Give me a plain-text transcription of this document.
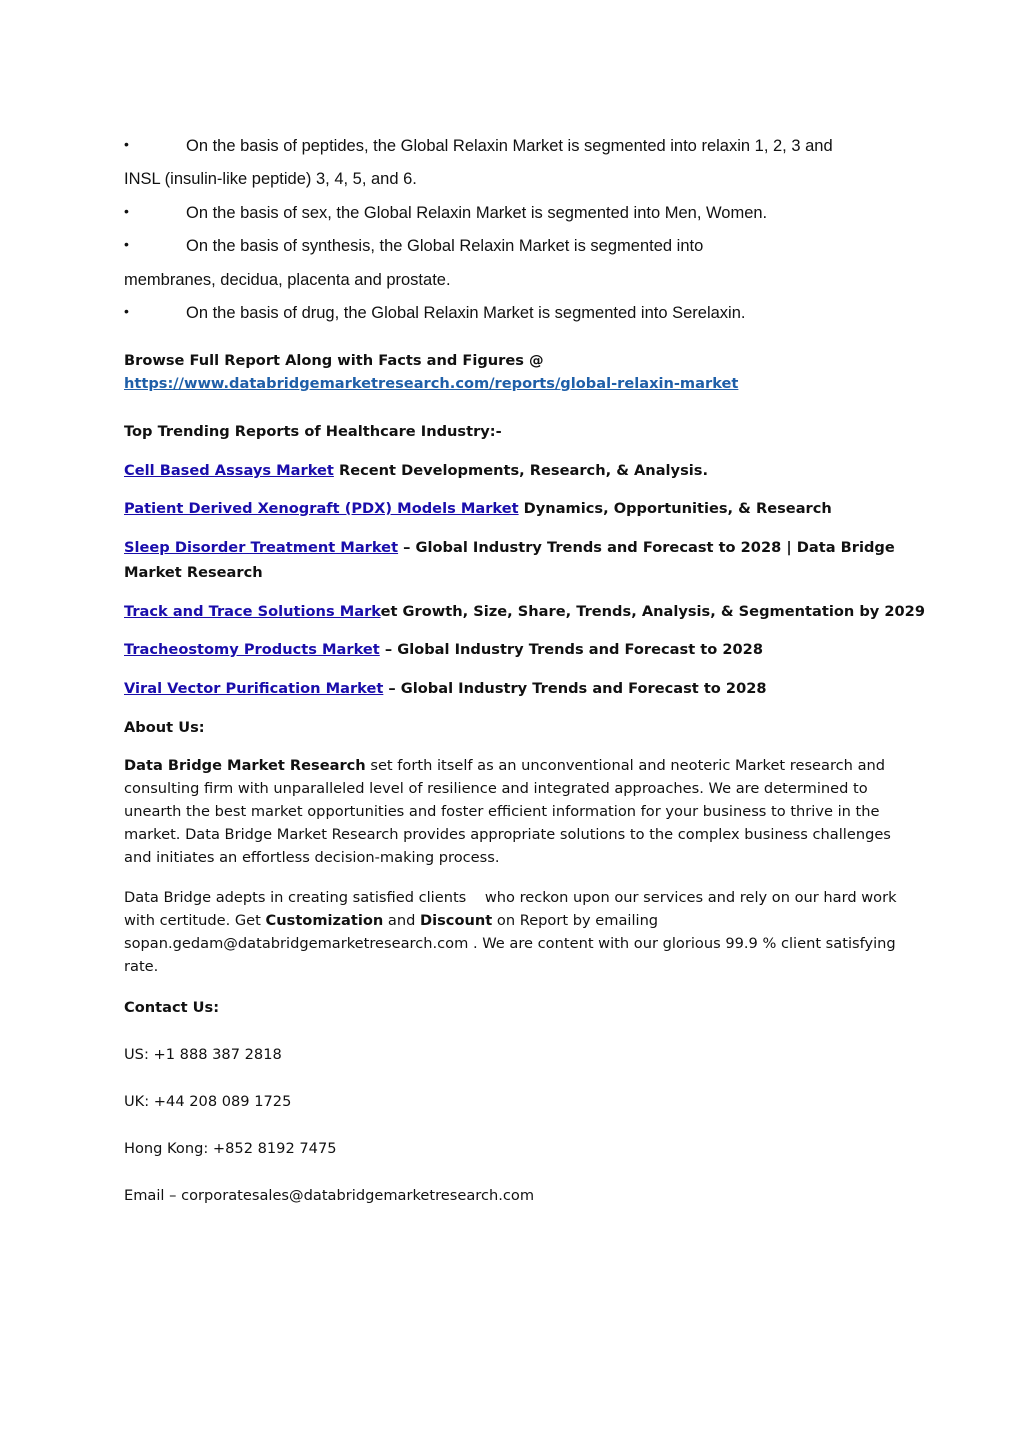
•	On the basis of peptides, the Global Relaxin Market is segmented into relaxin 1, 2, 3 and
INSL (insulin-like peptide) 3, 4, 5, and 6.
•	On the basis of sex, the Global Relaxin Market is segmented into Men, Women.
•	On the basis of synthesis, the Global Relaxin Market is segmented into
membranes, decidua, placenta and prostate.
•	On the basis of drug, the Global Relaxin Market is segmented into Serelaxin.
Browse Full Report Along with Facts and Figures @
https://www.databridgemarketresearch.com/reports/global-relaxin-market
Top Trending Reports of Healthcare Industry:-
Cell Based Assays Market Recent Developments, Research, & Analysis.
Patient Derived Xenograft (PDX) Models Market Dynamics, Opportunities, & Research
Sleep Disorder Treatment Market – Global Industry Trends and Forecast to 2028 | Data Bridge
Market Research
Track and Trace Solutions Market Growth, Size, Share, Trends, Analysis, & Segmentation by 2029
Tracheostomy Products Market – Global Industry Trends and Forecast to 2028
Viral Vector Purification Market – Global Industry Trends and Forecast to 2028
About Us:
Data Bridge Market Research set forth itself as an unconventional and neoteric Market research and consulting firm with unparalleled level of resilience and integrated approaches. We are determined to unearth the best market opportunities and foster efficient information for your business to thrive in the market. Data Bridge Market Research provides appropriate solutions to the complex business challenges and initiates an effortless decision-making process.
Data Bridge adepts in creating satisfied clients    who reckon upon our services and rely on our hard work with certitude. Get Customization and Discount on Report by emailing sopan.gedam@databridgemarketresearch.com . We are content with our glorious 99.9 % client satisfying rate.
Contact Us:
US: +1 888 387 2818
UK: +44 208 089 1725
Hong Kong: +852 8192 7475
Email – corporatesales@databridgemarketresearch.com
